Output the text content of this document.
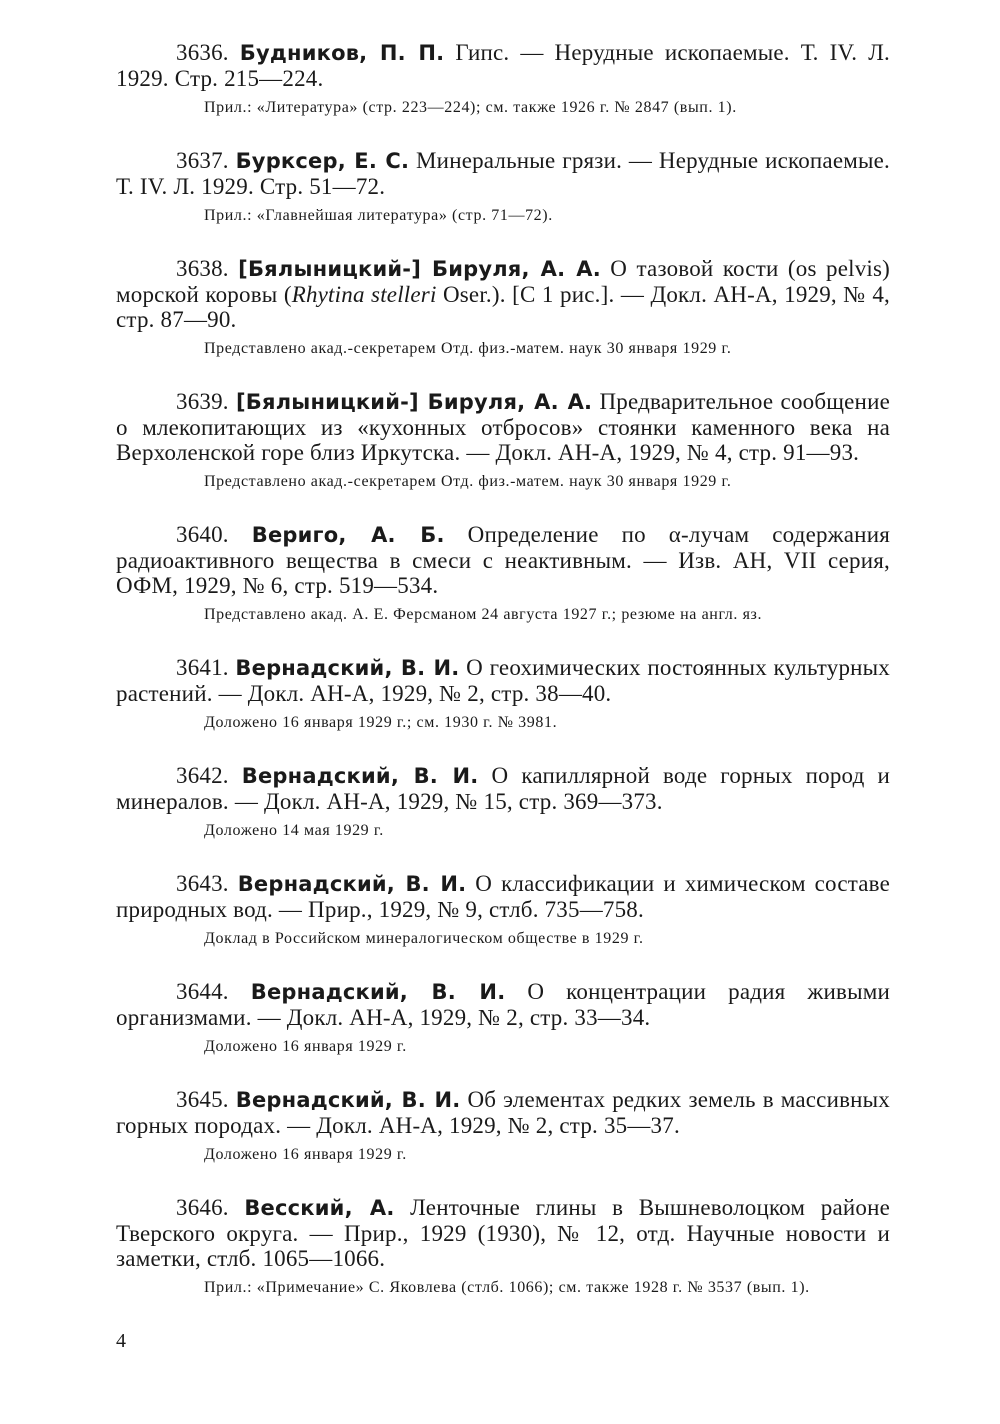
3636. Будников, П. П. Гипс. — Нерудные ископаемые. Т. IV. Л. 1929. Стр. 215—224.

Прил.: «Литература» (стр. 223—224); см. также 1926 г. № 2847 (вып. 1).

3637. Бурксер, Е. С. Минеральные грязи. — Нерудные ископаемые. Т. IV. Л. 1929. Стр. 51—72.

Прил.: «Главнейшая литература» (стр. 71—72).

3638. [Бялыницкий-] Бируля, А. А. О тазовой кости (os pelvis) морской коровы (Rhytina stelleri Oser.). [С 1 рис.]. — Докл. АН-А, 1929, № 4, стр. 87—90.

Представлено акад.-секретарем Отд. физ.-матем. наук 30 января 1929 г.

3639. [Бялыницкий-] Бируля, А. А. Предварительное сообщение о млекопитающих из «кухонных отбросов» стоянки каменного века на Верхоленской горе близ Иркутска. — Докл. АН-А, 1929, № 4, стр. 91—93.

Представлено акад.-секретарем Отд. физ.-матем. наук 30 января 1929 г.

3640. Вериго, А. Б. Определение по α-лучам содержания радиоактивного вещества в смеси с неактивным. — Изв. АН, VII серия, ОФМ, 1929, № 6, стр. 519—534.

Представлено акад. А. Е. Ферсманом 24 августа 1927 г.; резюме на англ. яз.

3641. Вернадский, В. И. О геохимических постоянных культурных растений. — Докл. АН-А, 1929, № 2, стр. 38—40.

Доложено 16 января 1929 г.; см. 1930 г. № 3981.

3642. Вернадский, В. И. О капиллярной воде горных пород и минералов. — Докл. АН-А, 1929, № 15, стр. 369—373.

Доложено 14 мая 1929 г.

3643. Вернадский, В. И. О классификации и химическом составе природных вод. — Прир., 1929, № 9, стлб. 735—758.

Доклад в Российском минералогическом обществе в 1929 г.

3644. Вернадский, В. И. О концентрации радия живыми организмами. — Докл. АН-А, 1929, № 2, стр. 33—34.

Доложено 16 января 1929 г.

3645. Вернадский, В. И. Об элементах редких земель в массивных горных породах. — Докл. АН-А, 1929, № 2, стр. 35—37.

Доложено 16 января 1929 г.

3646. Весский, А. Ленточные глины в Вышневолоцком районе Тверского округа. — Прир., 1929 (1930), № 12, отд. Научные новости и заметки, стлб. 1065—1066.

Прил.: «Примечание» С. Яковлева (стлб. 1066); см. также 1928 г. № 3537 (вып. 1).

4
